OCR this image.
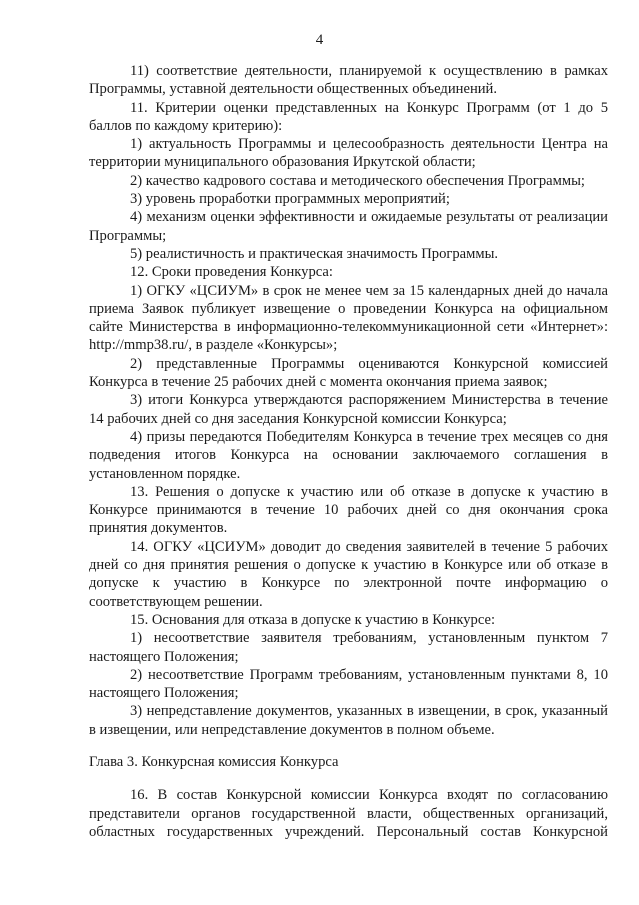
4

11) соответствие деятельности, планируемой к осуществлению в рамках Программы, уставной деятельности общественных объединений.

11. Критерии оценки представленных на Конкурс Программ (от 1 до 5 баллов по каждому критерию):

1) актуальность Программы и целесообразность деятельности Центра на территории муниципального образования Иркутской области;

2) качество кадрового состава и методического обеспечения Программы;

3) уровень проработки программных мероприятий;

4) механизм оценки эффективности и ожидаемые результаты от реализации Программы;

5) реалистичность и практическая значимость Программы.

12. Сроки проведения Конкурса:

1) ОГКУ «ЦСИУМ» в срок не менее чем за 15 календарных дней до начала приема Заявок публикует извещение о проведении Конкурса на официальном сайте Министерства в информационно-телекоммуникационной сети «Интернет»: http://mmp38.ru/, в разделе «Конкурсы»;

2) представленные Программы оцениваются Конкурсной комиссией Конкурса в течение 25 рабочих дней с момента окончания приема заявок;

3) итоги Конкурса утверждаются распоряжением Министерства в течение 14 рабочих дней со дня заседания Конкурсной комиссии Конкурса;

4) призы передаются Победителям Конкурса в течение трех месяцев со дня подведения итогов Конкурса на основании заключаемого соглашения в установленном порядке.

13. Решения о допуске к участию или об отказе в допуске к участию в Конкурсе принимаются в течение 10 рабочих дней со дня окончания срока принятия документов.

14. ОГКУ «ЦСИУМ» доводит до сведения заявителей в течение 5 рабочих дней со дня принятия решения о допуске к участию в Конкурсе или об отказе в допуске к участию в Конкурсе по электронной почте информацию о соответствующем решении.

15. Основания для отказа в допуске к участию в Конкурсе:

1) несоответствие заявителя требованиям, установленным пунктом 7 настоящего Положения;

2) несоответствие Программ требованиям, установленным пунктами 8, 10 настоящего Положения;

3) непредставление документов, указанных в извещении, в срок, указанный в извещении, или непредставление документов в полном объеме.

Глава 3. Конкурсная комиссия Конкурса

16. В состав Конкурсной комиссии Конкурса входят по согласованию представители органов государственной власти, общественных организаций, областных государственных учреждений. Персональный состав Конкурсной
